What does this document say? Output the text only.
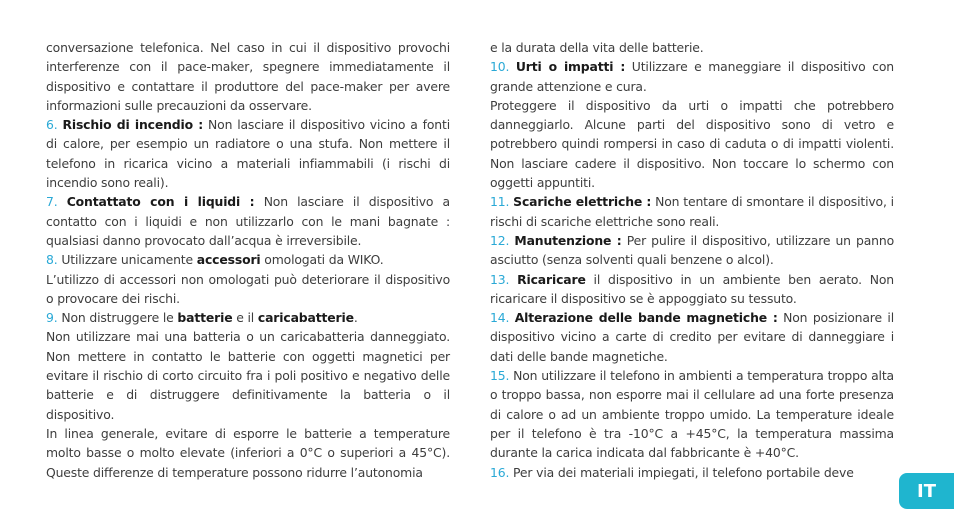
conversazione telefonica. Nel caso in cui il dispositivo provochi interferenze con il pace-maker, spegnere immediatamente il dispositivo e contattare il produttore del pace-maker per avere informazioni sulle precauzioni da osservare.

6. Rischio di incendio : Non lasciare il dispositivo vicino a fonti di calore, per esempio un radiatore o una stufa. Non mettere il telefono in ricarica vicino a materiali infiammabili (i rischi di incendio sono reali).

7. Contattato con i liquidi : Non lasciare il dispositivo a contatto con i liquidi e non utilizzarlo con le mani bagnate : qualsiasi danno provocato dall’acqua è irreversibile.

8. Utilizzare unicamente accessori omologati da WIKO.

L’utilizzo di accessori non omologati può deteriorare il dispositivo o provocare dei rischi.

9. Non distruggere le batterie e il caricabatterie.

Non utilizzare mai una batteria o un caricabatteria danneggiato. Non mettere in contatto le batterie con oggetti magnetici per evitare il rischio di corto circuito fra i poli positivo e negativo delle batterie e di distruggere definitivamente la batteria o il dispositivo.

In linea generale, evitare di esporre le batterie a temperature molto basse o molto elevate (inferiori a 0°C o superiori a 45°C). Queste differenze di temperature possono ridurre l’autonomia

e la durata della vita delle batterie.

10. Urti o impatti : Utilizzare e maneggiare il dispositivo con grande attenzione e cura.

Proteggere il dispositivo da urti o impatti che potrebbero danneggiarlo. Alcune parti del dispositivo sono di vetro e potrebbero quindi rompersi in caso di caduta o di impatti violenti. Non lasciare cadere il dispositivo. Non toccare lo schermo con oggetti appuntiti.

11. Scariche elettriche : Non tentare di smontare il dispositivo, i rischi di scariche elettriche sono reali.

12. Manutenzione : Per pulire il dispositivo, utilizzare un panno asciutto (senza solventi quali benzene o alcol).

13. Ricaricare il dispositivo in un ambiente ben aerato. Non ricaricare il dispositivo se è appoggiato su tessuto.

14. Alterazione delle bande magnetiche : Non posizionare il dispositivo vicino a carte di credito per evitare di danneggiare i dati delle bande magnetiche.

15. Non utilizzare il telefono in ambienti a temperatura troppo alta o troppo bassa, non esporre mai il cellulare ad una forte presenza di calore o ad un ambiente troppo umido. La temperature ideale per il telefono è tra -10°C a +45°C, la temperatura massima durante la carica indicata dal fabbricante è +40°C.

16. Per via dei materiali impiegati, il telefono portabile deve

IT
